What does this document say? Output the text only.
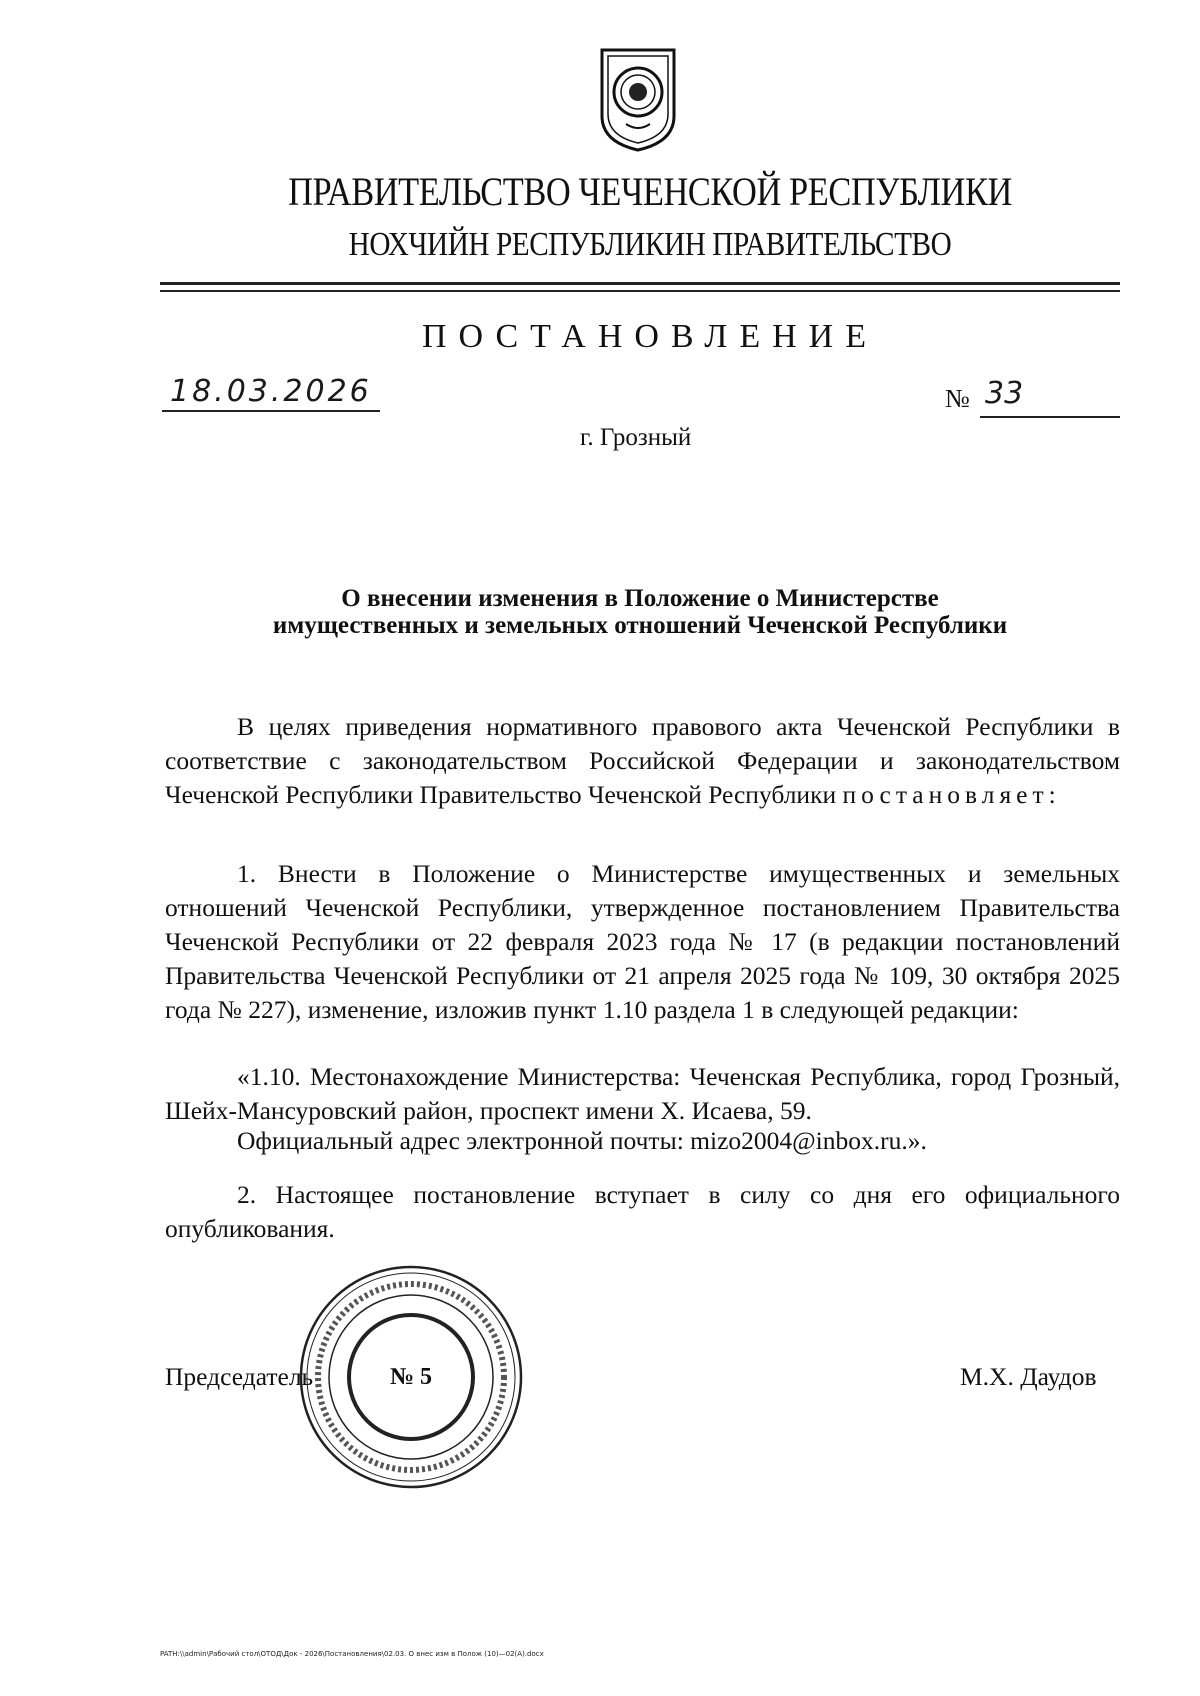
ПРАВИТЕЛЬСТВО ЧЕЧЕНСКОЙ РЕСПУБЛИКИ
НОХЧИЙН РЕСПУБЛИКИН ПРАВИТЕЛЬСТВО
ПОСТАНОВЛЕНИЕ
18.03.2026	№ 33
г. Грозный
О внесении изменения в Положение о Министерстве
имущественных и земельных отношений Чеченской Республики
В целях приведения нормативного правового акта Чеченской Республики в соответствие с законодательством Российской Федерации и законодательством Чеченской Республики Правительство Чеченской Республики постановляет:
1. Внести в Положение о Министерстве имущественных и земельных отношений Чеченской Республики, утвержденное постановлением Правительства Чеченской Республики от 22 февраля 2023 года № 17 (в редакции постановлений Правительства Чеченской Республики от 21 апреля 2025 года № 109, 30 октября 2025 года № 227), изменение, изложив пункт 1.10 раздела 1 в следующей редакции:
«1.10. Местонахождение Министерства: Чеченская Республика, город Грозный, Шейх-Мансуровский район, проспект имени Х. Исаева, 59.
Официальный адрес электронной почты: mizo2004@inbox.ru.».
2. Настоящее постановление вступает в силу со дня его официального опубликования.
Председатель	М.Х. Даудов
№ 5
PATH:\\admin\Рабочий стол\ОТОД\Док - 2026\Постановления\02.03. О внес изм в Полож (10)—02(А).docx
